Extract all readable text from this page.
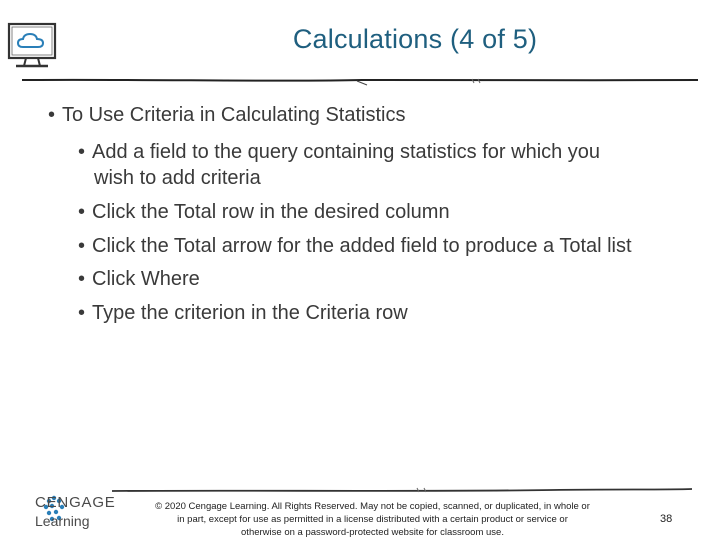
Calculations (4 of 5)
• To Use Criteria in Calculating Statistics
• Add a field to the query containing statistics for which you
wish to add criteria
• Click the Total row in the desired column
• Click the Total arrow for the added field to produce a Total list
• Click Where
• Type the criterion in the Criteria row
CENGAGE
Learning
© 2020 Cengage Learning. All Rights Reserved. May not be copied, scanned, or duplicated, in whole or
in part, except for use as permitted in a license distributed with a certain product or service or
otherwise on a password-protected website for classroom use.
38
